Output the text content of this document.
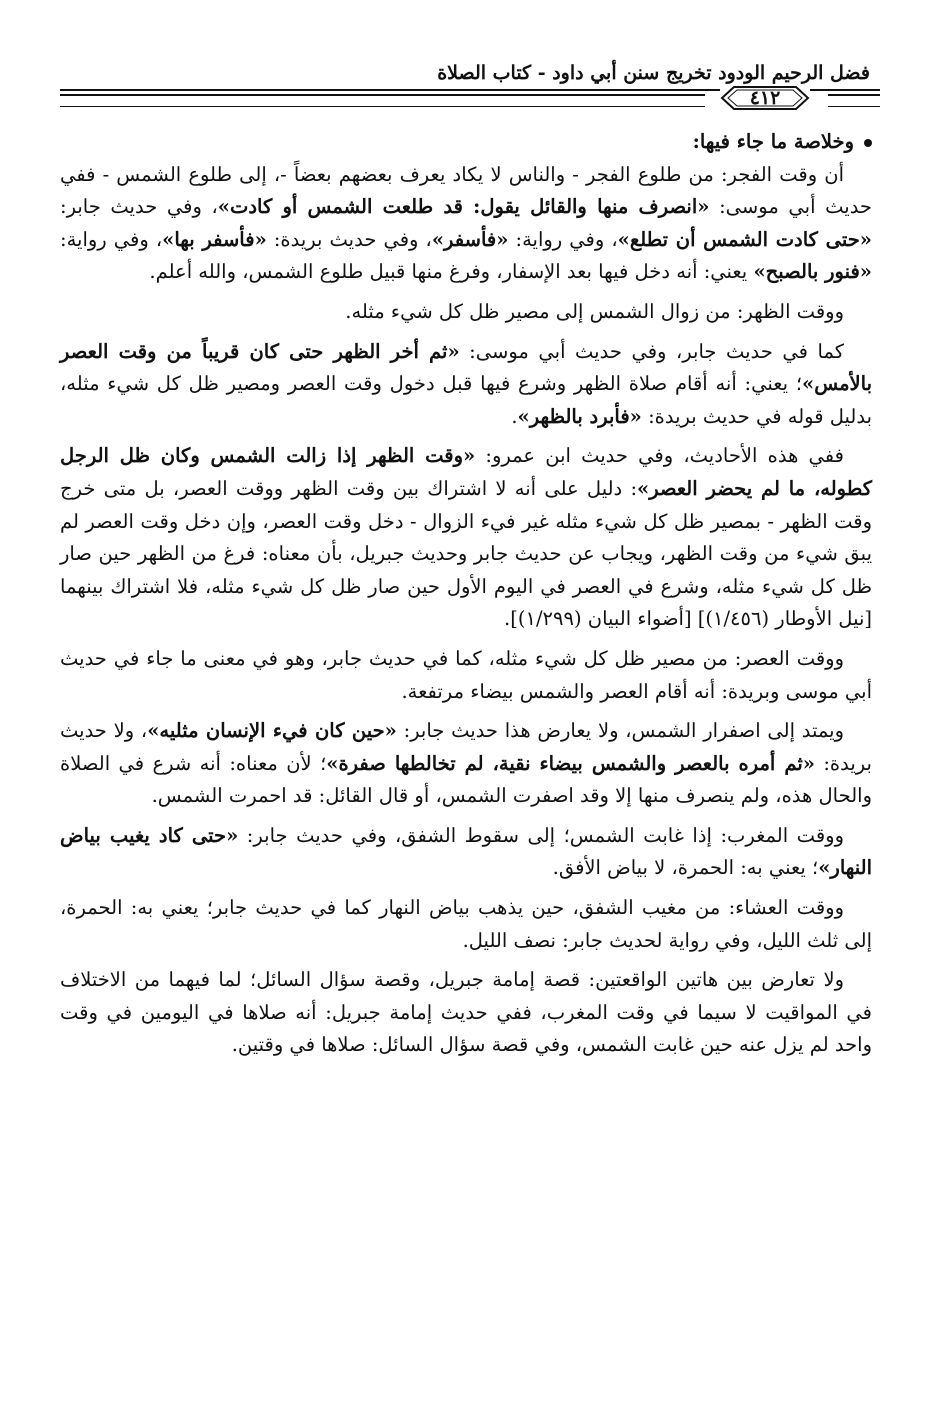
فضل الرحيم الودود تخريج سنن أبي داود - كتاب الصلاة
٤١٢

وخلاصة ما جاء فيها:

أن وقت الفجر: من طلوع الفجر - والناس لا يكاد يعرف بعضهم بعضاً -، إلى طلوع الشمس - ففي حديث أبي موسى: «انصرف منها والقائل يقول: قد طلعت الشمس أو كادت»، وفي حديث جابر: «حتى كادت الشمس أن تطلع»، وفي رواية: «فأسفر»، وفي حديث بريدة: «فأسفر بها»، وفي رواية: «فنور بالصبح» يعني: أنه دخل فيها بعد الإسفار، وفرغ منها قبيل طلوع الشمس، والله أعلم.

ووقت الظهر: من زوال الشمس إلى مصير ظل كل شيء مثله.

كما في حديث جابر، وفي حديث أبي موسى: «ثم أخر الظهر حتى كان قريباً من وقت العصر بالأمس»؛ يعني: أنه أقام صلاة الظهر وشرع فيها قبل دخول وقت العصر ومصير ظل كل شيء مثله، بدليل قوله في حديث بريدة: «فأبرد بالظهر».

ففي هذه الأحاديث، وفي حديث ابن عمرو: «وقت الظهر إذا زالت الشمس وكان ظل الرجل كطوله، ما لم يحضر العصر»: دليل على أنه لا اشتراك بين وقت الظهر ووقت العصر، بل متى خرج وقت الظهر - بمصير ظل كل شيء مثله غير فيء الزوال - دخل وقت العصر، وإن دخل وقت العصر لم يبق شيء من وقت الظهر، ويجاب عن حديث جابر وحديث جبريل، بأن معناه: فرغ من الظهر حين صار ظل كل شيء مثله، وشرع في العصر في اليوم الأول حين صار ظل كل شيء مثله، فلا اشتراك بينهما [نيل الأوطار (١/٤٥٦)] [أضواء البيان (١/٢٩٩)].

ووقت العصر: من مصير ظل كل شيء مثله، كما في حديث جابر، وهو في معنى ما جاء في حديث أبي موسى وبريدة: أنه أقام العصر والشمس بيضاء مرتفعة.

ويمتد إلى اصفرار الشمس، ولا يعارض هذا حديث جابر: «حين كان فيء الإنسان مثليه»، ولا حديث بريدة: «ثم أمره بالعصر والشمس بيضاء نقية، لم تخالطها صفرة»؛ لأن معناه: أنه شرع في الصلاة والحال هذه، ولم ينصرف منها إلا وقد اصفرت الشمس، أو قال القائل: قد احمرت الشمس.

ووقت المغرب: إذا غابت الشمس؛ إلى سقوط الشفق، وفي حديث جابر: «حتى كاد يغيب بياض النهار»؛ يعني به: الحمرة، لا بياض الأفق.

ووقت العشاء: من مغيب الشفق، حين يذهب بياض النهار كما في حديث جابر؛ يعني به: الحمرة، إلى ثلث الليل، وفي رواية لحديث جابر: نصف الليل.

ولا تعارض بين هاتين الواقعتين: قصة إمامة جبريل، وقصة سؤال السائل؛ لما فيهما من الاختلاف في المواقيت لا سيما في وقت المغرب، ففي حديث إمامة جبريل: أنه صلاها في اليومين في وقت واحد لم يزل عنه حين غابت الشمس، وفي قصة سؤال السائل: صلاها في وقتين.
